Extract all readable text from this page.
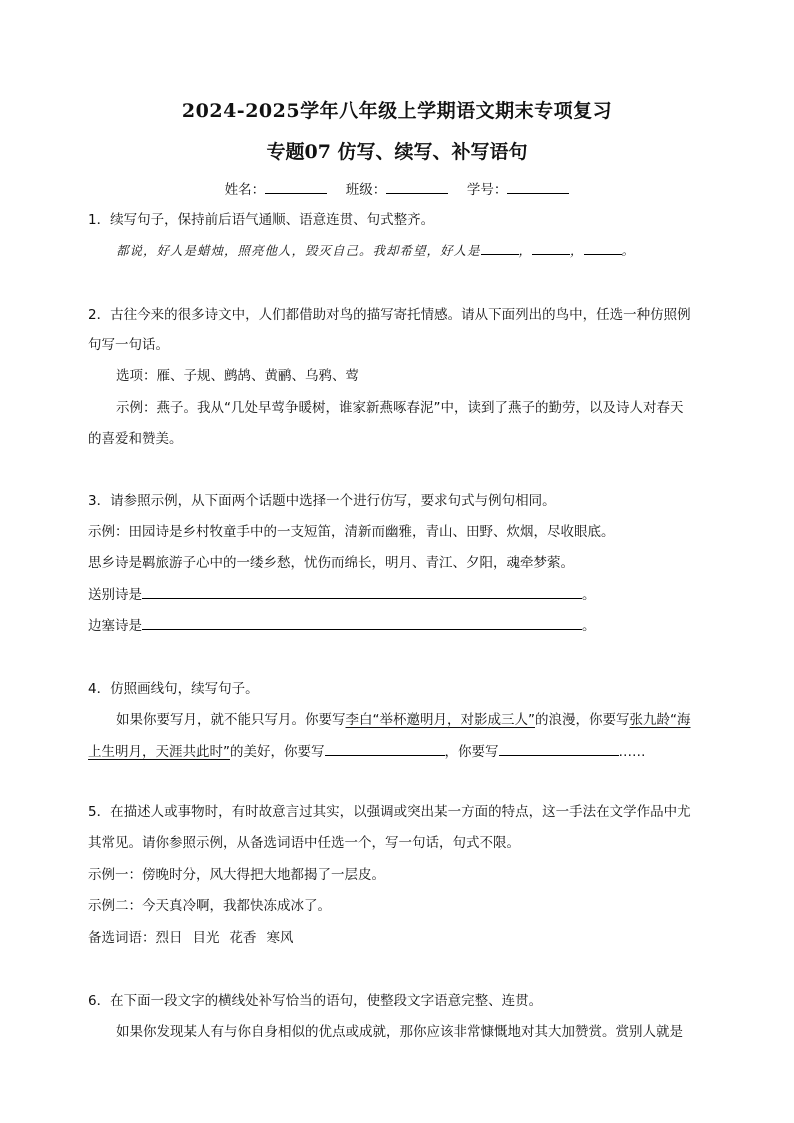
2024-2025学年八年级上学期语文期末专项复习
专题07 仿写、续写、补写语句
姓名：	班级：	学号：
1．续写句子，保持前后语气通顺、语意连贯、句式整齐。
都说，好人是蜡烛，照亮他人，毁灭自己。我却希望，好人是	，	，	。
2．古往今来的很多诗文中，人们都借助对鸟的描写寄托情感。请从下面列出的鸟中，任选一种仿照例
句写一句话。
选项：雁、子规、鹧鸪、黄鹂、乌鸦、莺
示例：燕子。我从“几处早莺争暖树，谁家新燕啄春泥”中，读到了燕子的勤劳，以及诗人对春天
的喜爱和赞美。
3．请参照示例，从下面两个话题中选择一个进行仿写，要求句式与例句相同。
示例：田园诗是乡村牧童手中的一支短笛，清新而幽雅，青山、田野、炊烟，尽收眼底。
思乡诗是羁旅游子心中的一缕乡愁，忧伤而绵长，明月、青江、夕阳，魂牵梦萦。
送别诗是	。
边塞诗是	。
4．仿照画线句，续写句子。
如果你要写月，就不能只写月。你要写李白“举杯邀明月，对影成三人”的浪漫，你要写张九龄“海
上生明月，天涯共此时”的美好，你要写	，你要写	……
5．在描述人或事物时，有时故意言过其实，以强调或突出某一方面的特点，这一手法在文学作品中尤
其常见。请你参照示例，从备选词语中任选一个，写一句话，句式不限。
示例一：傍晚时分，风大得把大地都揭了一层皮。
示例二：今天真冷啊，我都快冻成冰了。
备选词语：烈日 目光 花香 寒风
6．在下面一段文字的横线处补写恰当的语句，使整段文字语意完整、连贯。
如果你发现某人有与你自身相似的优点或成就，那你应该非常慷慨地对其大加赞赏。赏别人就是
